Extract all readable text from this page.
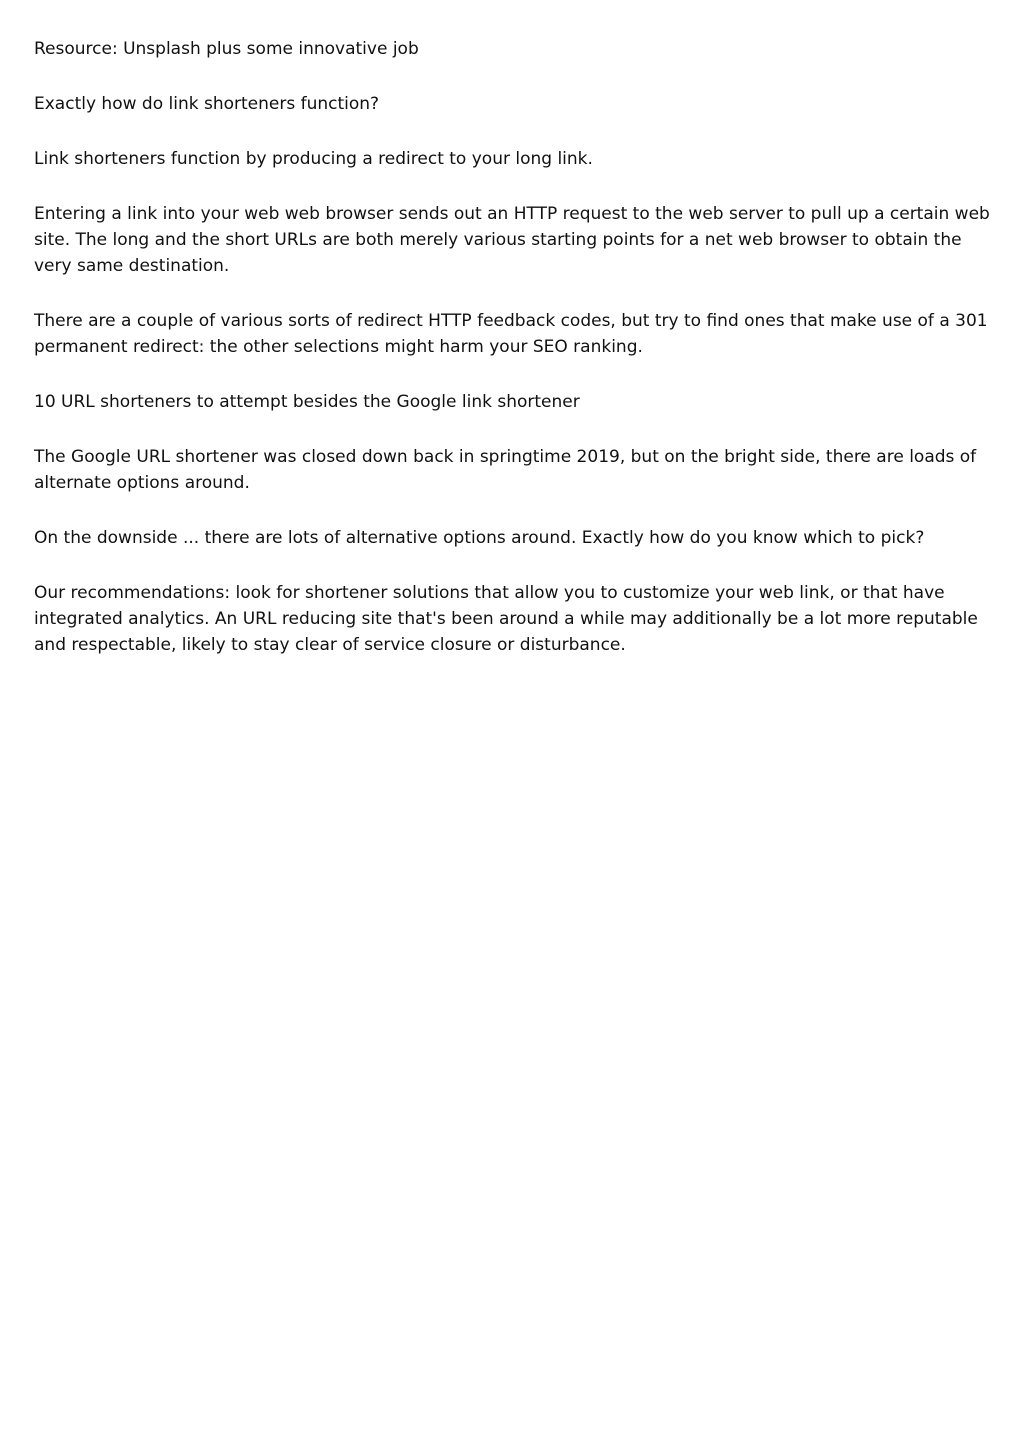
Resource: Unsplash plus some innovative job

Exactly how do link shorteners function?

Link shorteners function by producing a redirect to your long link.

Entering a link into your web web browser sends out an HTTP request to the web server to pull up a certain web site. The long and the short URLs are both merely various starting points for a net web browser to obtain the very same destination.

There are a couple of various sorts of redirect HTTP feedback codes, but try to find ones that make use of a 301 permanent redirect: the other selections might harm your SEO ranking.

10 URL shorteners to attempt besides the Google link shortener

The Google URL shortener was closed down back in springtime 2019, but on the bright side, there are loads of alternate options around.

On the downside ... there are lots of alternative options around. Exactly how do you know which to pick?

Our recommendations: look for shortener solutions that allow you to customize your web link, or that have integrated analytics. An URL reducing site that's been around a while may additionally be a lot more reputable and respectable, likely to stay clear of service closure or disturbance.
